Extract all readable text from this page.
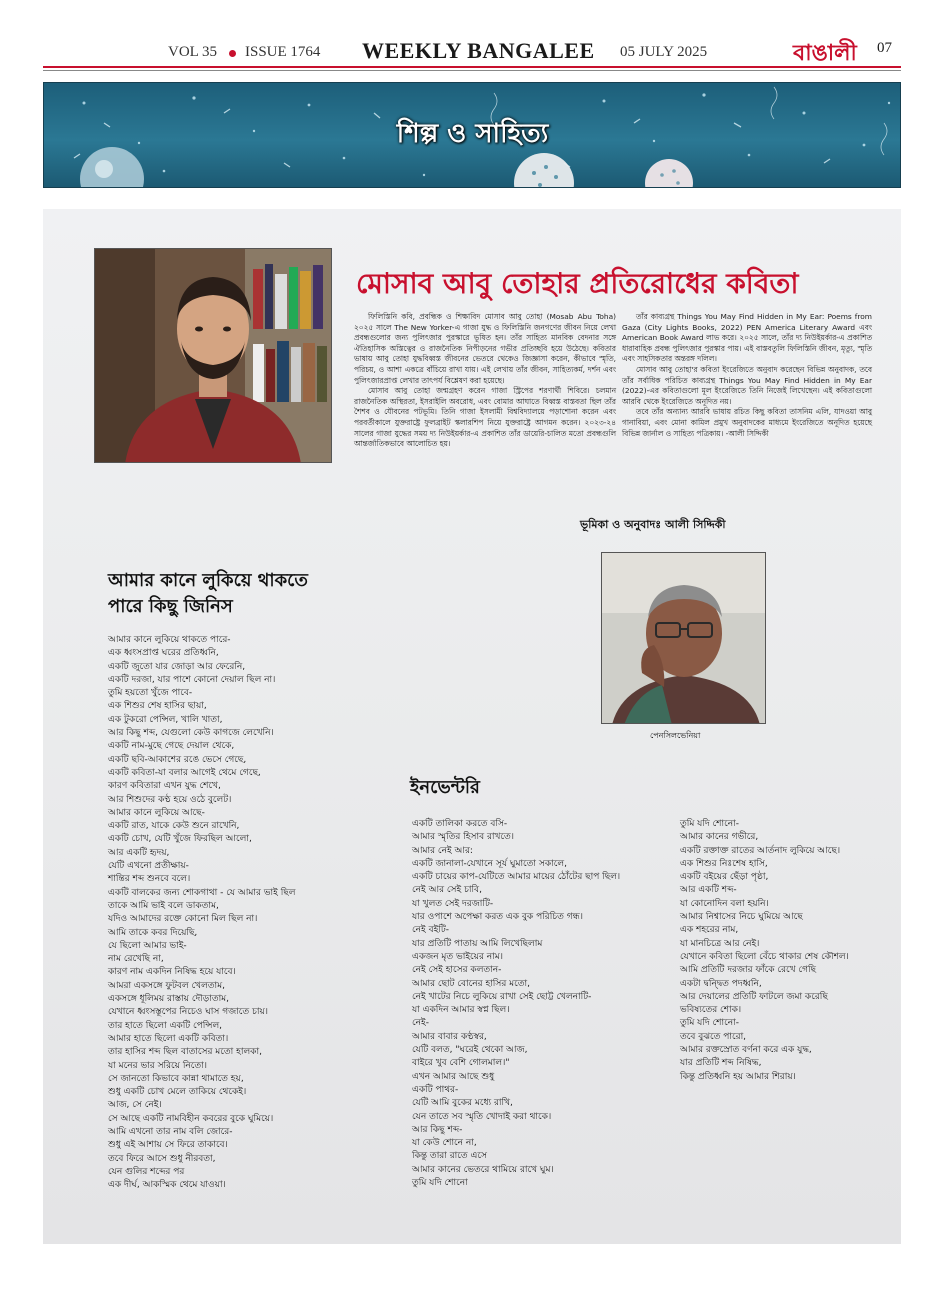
VOL 35 ISSUE 1764 WEEKLY BANGALEE 05 JULY 2025	বাঙালী 07
শিল্প ও সাহিত্য
মোসাব আবু তোহার প্রতিরোধের কবিতা
ফিলিস্তিনি কবি, প্রবন্ধিক ও শিক্ষাবিদ মোসাব আবু তোহা (Mosab Abu Toha) ২০২৫ সালে The New Yorker-এ গাজা যুদ্ধ ও ফিলিস্তিনি জনগণের জীবন নিয়ে লেখা প্রবন্ধগুলোর জন্য পুলিৎজার পুরস্কারে ভূষিত হন। তাঁর সাহিত্য মানবিক বেদনার সঙ্গে ঐতিহাসিক অস্তিত্বের ও রাজনৈতিক নিপীড়নের গভীর প্রতিচ্ছবি হয়ে উঠেছে। কবিতার ভাষায় আবু তোহা যুদ্ধবিধ্বস্ত জীবনের ভেতরে থেকেও জিজ্ঞাসা করেন, কীভাবে স্মৃতি, পরিচয়, ও আশা একত্রে বাঁচিয়ে রাখা যায়। এই লেখায় তাঁর জীবন, সাহিত্যকর্ম, দর্শন এবং পুলিৎজারপ্রাপ্ত লেখার তাৎপর্য বিশ্লেষণ করা হয়েছে।
মোসাব আবু তোহা জন্মগ্রহণ করেন গাজা স্ট্রিপের শরণার্থী শিবিরে। চলমান রাজনৈতিক অস্থিরতা, ইসরাইলি অবরোধ, এবং বোমার আঘাতে বিধ্বস্ত বাস্তবতা ছিল তাঁর শৈশব ও যৌবনের পটভূমি। তিনি গাজা ইসলামী বিশ্ববিদ্যালয়ে পড়াশোনা করেন এবং পরবর্তীকালে যুক্তরাষ্ট্রে ফুলব্রাইট স্কলারশিপ নিয়ে যুক্তরাষ্ট্রে আগমন করেন। ২০২৩-২৪ সালের গাজা যুদ্ধের সময় দ্য নিউইয়র্কার-এ প্রকাশিত তাঁর ডায়েরি-চালিত মতো প্রবন্ধগুলি আন্তর্জাতিকভাবে আলোচিত হয়।
তাঁর কাব্যগ্রন্থ Things You May Find Hidden in My Ear: Poems from Gaza (City Lights Books, 2022) PEN America Literary Award এবং American Book Award লাভ করে। ২০২৫ সালে, তাঁর দ্য নিউইয়র্কার-এ প্রকাশিত ধারাবাহিক প্রবন্ধ পুলিৎজার পুরস্কার পায়। এই বাস্তবতুলি ফিলিস্তিনি জীবন, মৃত্যু, স্মৃতি এবং সাহসিকতার অন্তরঙ্গ দলিল।
মোসাব আবু তোহা'র কবিতা ইংরেজিতে অনুবাদ করেছেন বিভিন্ন অনুবাদক, তবে তাঁর সর্বাধিক পরিচিত কাব্যগ্রন্থ Things You May Find Hidden in My Ear (2022)-এর কবিতাগুলো মূল ইংরেজিতে তিনি নিজেই লিখেছেন। এই কবিতাগুলো আরবি থেকে ইংরেজিতে অনূদিত নয়।
তবে তাঁর অন্যান্য আরবি ভাষায় রচিত কিছু কবিতা তাসনিম এলি, যাদওয়া আবু গানাবিয়া, এবং মোনা কামিল প্রমুখ অনুবাদকের মাধ্যমে ইংরেজিতে অনূদিত হয়েছে বিভিন্ন জার্নাল ও সাহিত্য পত্রিকায়। -আলী সিদ্দিকী
ভূমিকা ও অনুবাদঃ আলী সিদ্দিকী
পেনসিলভেনিয়া
আমার কানে লুকিয়ে থাকতে
পারে কিছু জিনিস
আমার কানে লুকিয়ে থাকতে পারে-
এক ধ্বংসপ্রাপ্ত ঘরের প্রতিধ্বনি,
একটি জুতো যার জোড়া আর ফেরেনি,
একটি দরজা, যার পাশে কোনো দেয়াল ছিল না।
তুমি হয়তো খুঁজে পাবে-
এক শিশুর শেষ হাসির ছায়া,
এক টুকরো পেন্সিল, খালি খাতা,
আর কিছু শব্দ, যেগুলো কেউ কাগজে লেখেনি।
একটি নাম-মুছে গেছে দেয়াল থেকে,
একটি ছবি-আকাশের রঙে ভেসে গেছে,
একটি কবিতা-যা বলার আগেই থেমে গেছে,
কারণ কবিতারা এখন যুদ্ধ শেখে,
আর শিশুদের কণ্ঠ হয়ে ওঠে বুলেট।
আমার কানে লুকিয়ে আছে-
একটি রাত, যাকে কেউ শুনে রাখেনি,
একটি চোখ, যেটি খুঁজে ফিরছিল আলো,
আর একটি হৃদয়,
যেটি এখনো প্রতীক্ষায়-
শান্তির শব্দ শুনবে বলে।
একটি বালকের জন্য শোকগাথা - যে আমার ভাই ছিল
তাকে আমি ভাই বলে ডাকতাম,
যদিও আমাদের রক্তে কোনো মিল ছিল না।
আমি তাকে কবর দিয়েছি,
যে ছিলো আমার ভাই-
নাম রেখেছি না,
কারণ নাম একদিন নিষিদ্ধ হয়ে যাবে।
আমরা একসঙ্গে ফুটবল খেলতাম,
একসঙ্গে ধূলিময় রাস্তায় দৌড়াতাম,
যেখানে ধ্বংসস্তূপের নিচেও ঘাস গজাতে চায়।
তার হাতে ছিলো একটি পেন্সিল,
আমার হাতে ছিলো একটি কবিতা।
তার হাসির শব্দ ছিল বাতাসের মতো হালকা,
যা মনের ভার সরিয়ে নিতো।
সে জানতো কিভাবে কান্না থামাতে হয়,
শুধু একটি চোখ মেলে তাকিয়ে থেকেই।
আজ, সে নেই।
সে আছে একটি নামবিহীন কবরের বুকে ঘুমিয়ে।
আমি এখনো তার নাম বলি জোরে-
শুধু এই আশায় সে ফিরে তাকাবে।
তবে ফিরে আসে শুধু নীরবতা,
যেন গুলির শব্দের পর
এক দীর্ঘ, আকস্মিক থেমে যাওয়া।
ইনভেন্টরি
একটি তালিকা করতে বসি-
আমার স্মৃতির হিসাব রাখতে।
আমার নেই আর:
একটি জানালা-যেখানে সূর্য ঘুমাতো সকালে,
একটি চায়ের কাপ-যেটিতে আমার মায়ের ঠোঁটের ছাপ ছিল।
নেই আর সেই চাবি,
যা খুলত সেই দরজাটি-
যার ওপাশে অপেক্ষা করত এক বুক পরিচিত গন্ধ।
নেই বইটি-
যার প্রতিটি পাতায় আমি লিখেছিলাম
একজন মৃত ভাইয়ের নাম।
নেই সেই হাসের কলতান-
আমার ছোট বোনের হাসির মতো,
নেই খাটের নিচে লুকিয়ে রাখা সেই ছোট্ট খেলনাটি-
যা একদিন আমার স্বপ্ন ছিল।
নেই-
আমার বাবার কণ্ঠস্বর,
যেটি বলত, "ঘরেই থেকো আজ,
বাইরে খুব বেশি গোলমাল।"
এখন আমার আছে শুধু
একটি পাথর-
যেটি আমি বুকের মধ্যে রাখি,
যেন তাতে সব স্মৃতি খোদাই করা থাকে।
আর কিছু শব্দ-
যা কেউ শোনে না,
কিন্তু তারা রাতে এসে
আমার কানের ভেতরে থামিয়ে রাখে ঘুম।
তুমি যদি শোনো
তুমি যদি শোনো-
আমার কানের গভীরে,
একটি রক্তাক্ত রাতের আর্তনাদ লুকিয়ে আছে।
এক শিশুর নিঃশেষ হাসি,
একটি বইয়ের ছেঁড়া পৃষ্ঠা,
আর একটি শব্দ-
যা কোনোদিন বলা হয়নি।
আমার নিশ্বাসের নিচে ঘুমিয়ে আছে
এক শহরের নাম,
যা মানচিত্রে আর নেই।
যেখানে কবিতা ছিলো বেঁচে থাকার শেষ কৌশল।
আমি প্রতিটি দরজার ফাঁকে রেখে গেছি
একটা দ্বন্দ্বিত পদধ্বনি,
আর দেয়ালের প্রতিটি ফাটলে জমা করেছি
ভবিষ্যতের শোক।
তুমি যদি শোনো-
তবে বুঝতে পারো,
আমার রক্তস্রোত বর্ণনা করে এক যুদ্ধ,
যার প্রতিটি শব্দ নিষিদ্ধ,
কিন্তু প্রতিধ্বনি হয় আমার শিরায়।
